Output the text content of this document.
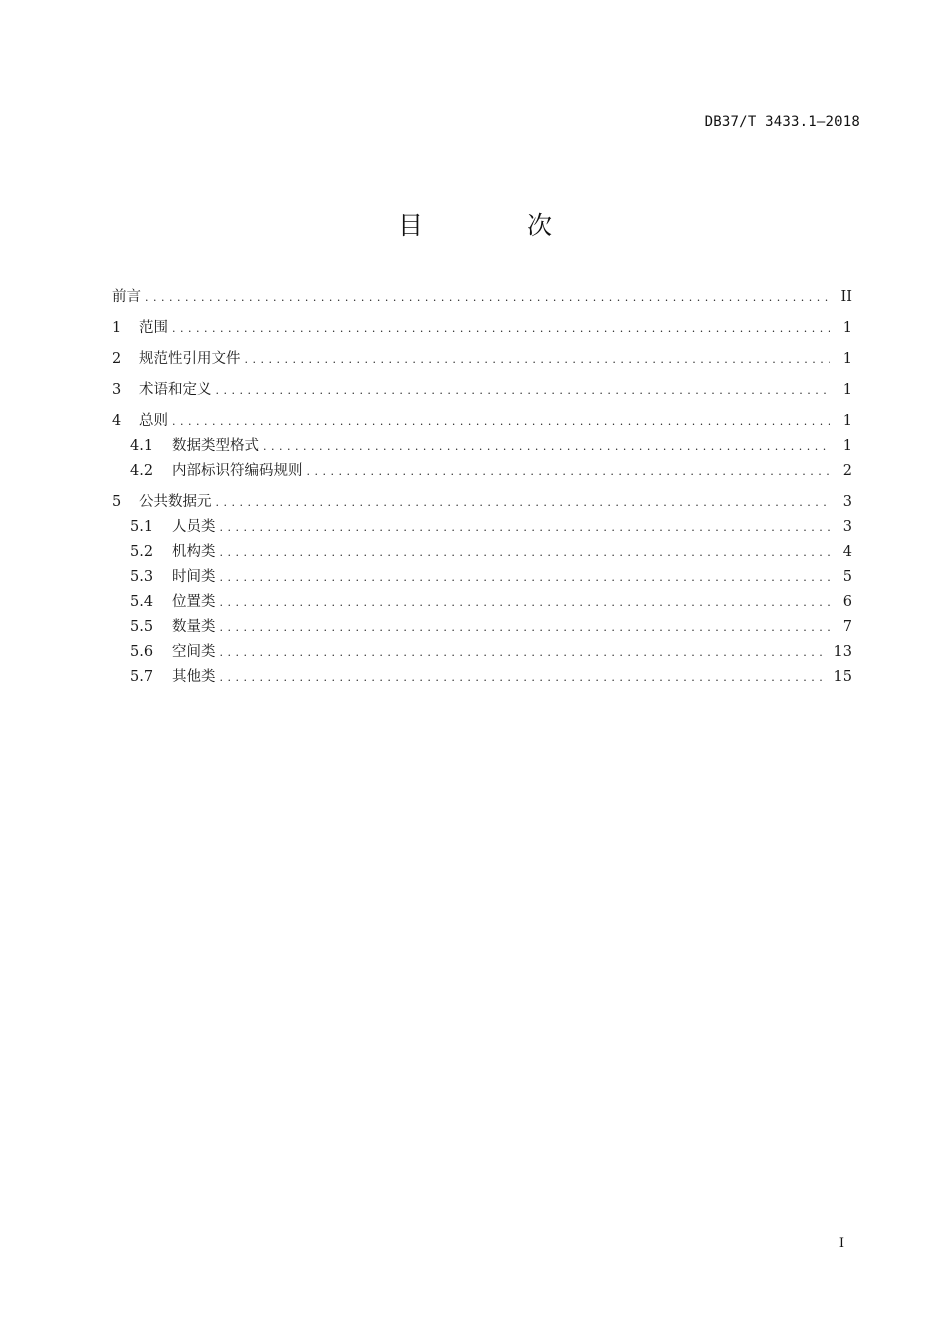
DB37/T 3433.1—2018
目 次
前言 .....	II
1	范围 .....	1
2	规范性引用文件 .....	1
3	术语和定义 .....	1
4	总则 .....	1
4.1	数据类型格式 .....	1
4.2	内部标识符编码规则 .....	2
5	公共数据元 .....	3
5.1	人员类 .....	3
5.2	机构类 .....	4
5.3	时间类 .....	5
5.4	位置类 .....	6
5.5	数量类 .....	7
5.6	空间类 .....	13
5.7	其他类 .....	15
I
